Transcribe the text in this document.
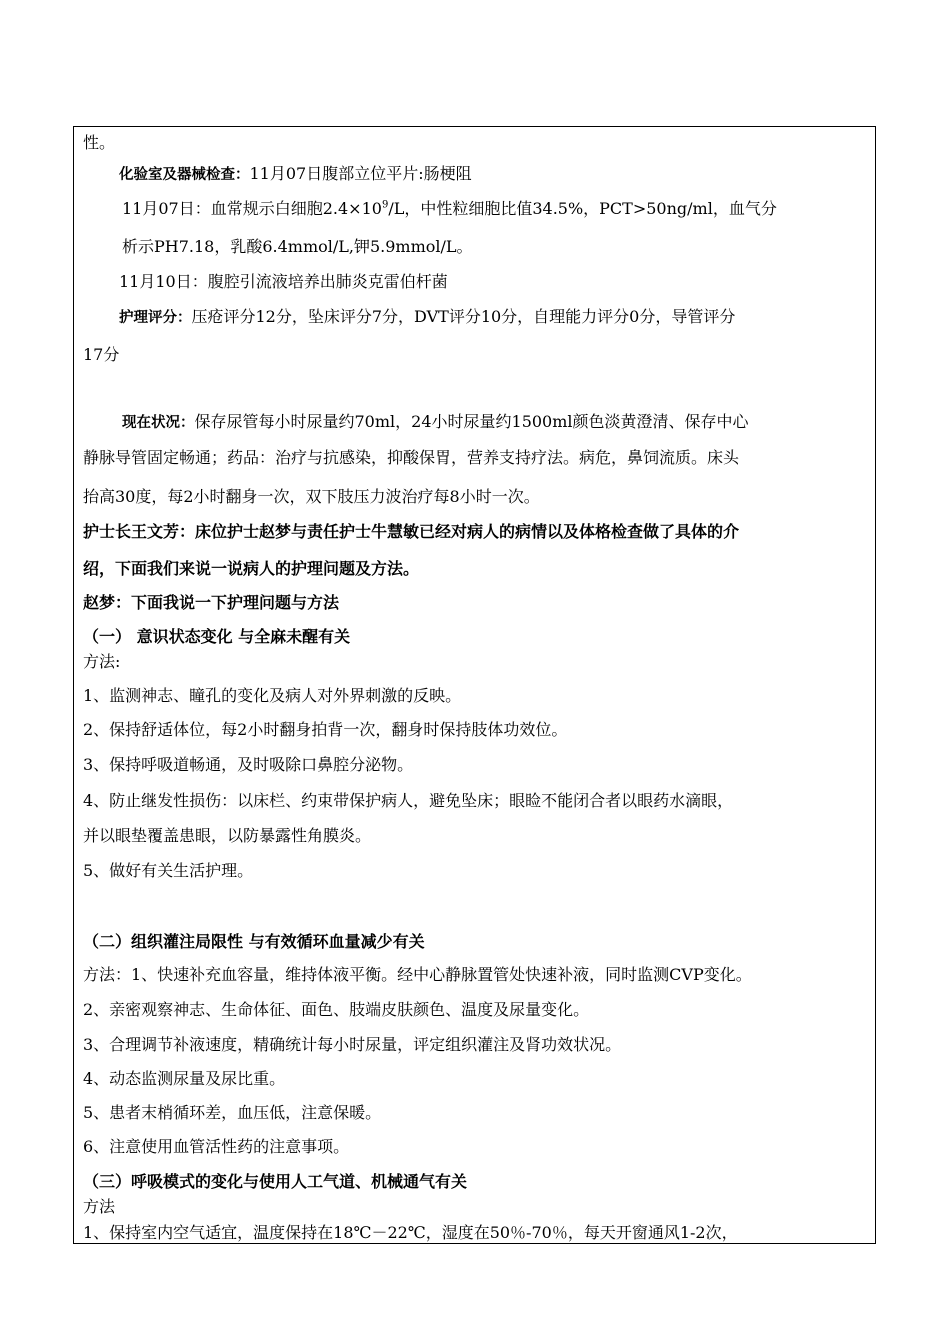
性。
化验室及器械检查：11月07日腹部立位平片:肠梗阻
11月07日：血常规示白细胞$2.4\times 10^9/L$，中性粒细胞比值34.5%，PCT>50ng/ml，血气分
析示PH7.18，乳酸6.4mmol/L,钾5.9mmol/L。
11月10日：腹腔引流液培养出肺炎克雷伯杆菌
护理评分：压疮评分12分，坠床评分7分，DVT评分10分，自理能力评分0分，导管评分
17分
现在状况：保存尿管每小时尿量约70ml，24小时尿量约1500ml颜色淡黄澄清、保存中心
静脉导管固定畅通；药品：治疗与抗感染，抑酸保胃，营养支持疗法。病危，鼻饲流质。床头
抬高30度，每2小时翻身一次，双下肢压力波治疗每8小时一次。
护士长王文芳：床位护士赵梦与责任护士牛慧敏已经对病人的病情以及体格检查做了具体的介
绍，下面我们来说一说病人的护理问题及方法。
赵梦：下面我说一下护理问题与方法
（一） 意识状态变化 与全麻未醒有关
方法:
1、监测神志、瞳孔的变化及病人对外界刺激的反映。
2、保持舒适体位，每2小时翻身拍背一次，翻身时保持肢体功效位。
3、保持呼吸道畅通，及时吸除口鼻腔分泌物。
4、防止继发性损伤：以床栏、约束带保护病人，避免坠床；眼睑不能闭合者以眼药水滴眼，
并以眼垫覆盖患眼，以防暴露性角膜炎。
5、做好有关生活护理。
（二）组织灌注局限性 与有效循环血量减少有关
方法：1、快速补充血容量，维持体液平衡。经中心静脉置管处快速补液，同时监测CVP变化。
2、亲密观察神志、生命体征、面色、肢端皮肤颜色、温度及尿量变化。
3、合理调节补液速度，精确统计每小时尿量，评定组织灌注及肾功效状况。
4、动态监测尿量及尿比重。
5、患者末梢循环差，血压低，注意保暖。
6、注意使用血管活性药的注意事项。
（三）呼吸模式的变化与使用人工气道、机械通气有关
方法
1、保持室内空气适宜，温度保持在18℃－22℃，湿度在50％-70％，每天开窗通风1-2次，
